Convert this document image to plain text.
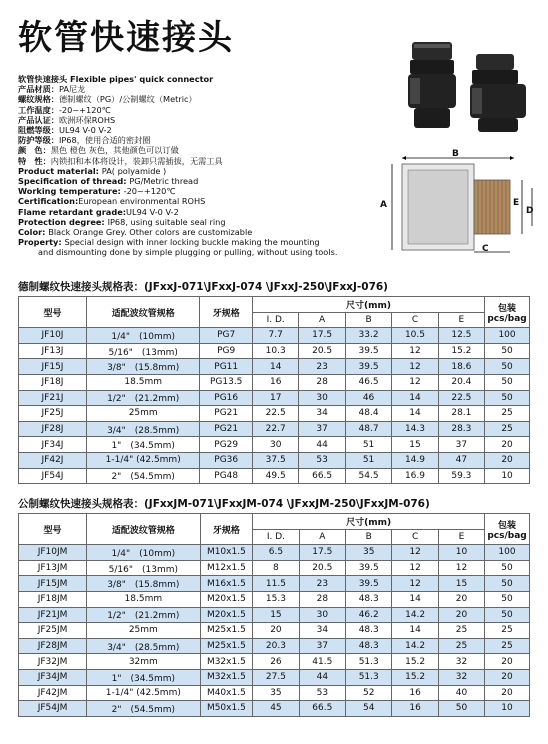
软管快速接头
软管快速接头 Flexible pipes' quick connector
产品材质：PA尼龙
螺纹规格：德制螺纹（PG）/公制螺纹（Metric）
工作温度：-20~+120℃
产品认证：欧洲环保ROHS
阻燃等级：UL94 V-0 V-2
防护等级：IP68，使用合适的密封圈
颜　色：黑色 橙色 灰色，其他颜色可以订做
特　性：内锁扣和本体将设计，装卸只需插拔，无需工具
Product material: PA( polyamide )
Specification of thread: PG/Metric thread
Working temperature: -20~+120℃
Certification:European environmental ROHS
Flame retardant grade:UL94 V-0 V-2
Protection degree: IP68, using suitable seal ring
Color: Black Orange Grey. Other colors are customizable
Property: Special design with inner locking buckle making the mounting
and dismounting done by simple plugging or pulling, without using tools.
B
A	E
D
C
德制螺纹快速接头规格表：(JFxxJ-071\JFxxJ-074 \JFxxJ-250\JFxxJ-076)
型号	适配波纹管规格	牙规格	尺寸(mm)					包装
pcs/bag
			I. D.	A	B	C	E	
JF10J	1/4"　(10mm)	PG7	7.7	17.5	33.2	10.5	12.5	100
JF13J	5/16"　(13mm)	PG9	10.3	20.5	39.5	12	15.2	50
JF15J	3/8"　(15.8mm)	PG11	14	23	39.5	12	18.6	50
JF18J	18.5mm	PG13.5	16	28	46.5	12	20.4	50
JF21J	1/2"　(21.2mm)	PG16	17	30	46	14	22.5	50
JF25J	25mm	PG21	22.5	34	48.4	14	28.1	25
JF28J	3/4"　(28.5mm)	PG21	22.7	37	48.7	14.3	28.3	25
JF34J	1"　(34.5mm)	PG29	30	44	51	15	37	20
JF42J	1-1/4" (42.5mm)	PG36	37.5	53	51	14.9	47	20
JF54J	2"　(54.5mm)	PG48	49.5	66.5	54.5	16.9	59.3	10
公制螺纹快速接头规格表：(JFxxJM-071\JFxxJM-074 \JFxxJM-250\JFxxJM-076)
型号	适配波纹管规格	牙规格	尺寸(mm)					包装
pcs/bag
			I. D.	A	B	C	E	
JF10JM	1/4"　(10mm)	M10x1.5	6.5	17.5	35	12	10	100
JF13JM	5/16"　(13mm)	M12x1.5	8	20.5	39.5	12	12	50
JF15JM	3/8"　(15.8mm)	M16x1.5	11.5	23	39.5	12	15	50
JF18JM	18.5mm	M20x1.5	15.3	28	48.3	14	20	50
JF21JM	1/2"　(21.2mm)	M20x1.5	15	30	46.2	14.2	20	50
JF25JM	25mm	M25x1.5	20	34	48.3	14	25	25
JF28JM	3/4"　(28.5mm)	M25x1.5	20.3	37	48.3	14.2	25	25
JF32JM	32mm	M32x1.5	26	41.5	51.3	15.2	32	20
JF34JM	1"　(34.5mm)	M32x1.5	27.5	44	51.3	15.2	32	20
JF42JM	1-1/4" (42.5mm)	M40x1.5	35	53	52	16	40	20
JF54JM	2"　(54.5mm)	M50x1.5	45	66.5	54	16	50	10
